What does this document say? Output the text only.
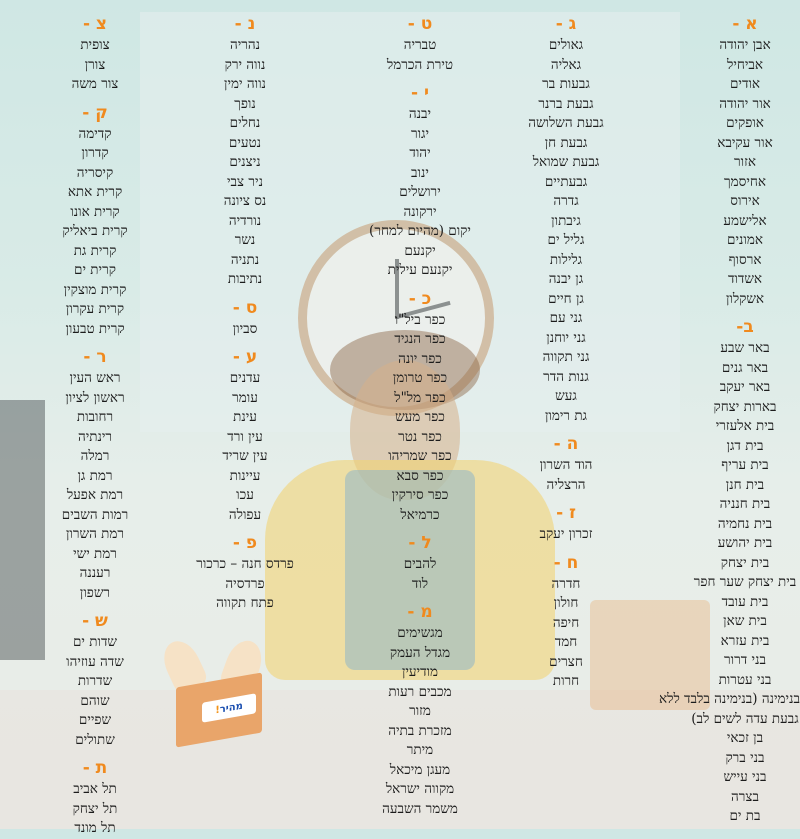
א -
אבן יהודה
אביחיל
אודים
אור יהודה
אופקים
אור עקיבא
אזור
אחיסמך
אירוס
אלישמע
אמונים
ארסוף
אשדוד
אשקלון
ב-
באר שבע
באר גנים
באר יעקב
בארות יצחק
בית אלעזרי
בית דגן
בית עריף
בית חנן
בית חנניה
בית נחמיה
בית יהושע
בית יצחק
בית יצחק שער חפר
בית עובד
בית שאן
בית עזרא
בני דרור
בני עטרות
בנימינה (בנימינה בלבד ללא
גבעת עדה לשים לב)
בן זכאי
בני ברק
בני עייש
בצרה
בת ים
ג -
גאולים
גאליה
גבעות בר
גבעת ברנר
גבעת השלושה
גבעת חן
גבעת שמואל
גבעתיים
גדרה
גיבתון
גליל ים
גלילות
גן יבנה
גן חיים
גני עם
גני יוחנן
גני תקווה
גנות הדר
געש
גת רימון
ה -
הוד השרון
הרצליה
ז -
זכרון יעקב
ח -
חדרה
חולון
חיפה
חמד
חצרים
חרות
ט -
טבריה
טירת הכרמל
י -
יבנה
יגור
יהוד
ינוב
ירושלים
ירקונה
יקום (מהיום למחר)
יקנעם
יקנעם עילית
כ -
כפר ביל"ו
כפר הנגיד
כפר יונה
כפר טרומן
כפר מל"ל
כפר מעש
כפר נטר
כפר שמריהו
כפר סבא
כפר סירקין
כרמיאל
ל -
להבים
לוד
מ -
מגשימים
מגדל העמק
מודיעין
מכבים רעות
מזור
מזכרת בתיה
מיתר
מעגן מיכאל
מקווה ישראל
משמר השבעה
נ -
נהריה
נווה ירק
נווה ימין
נופך
נחלים
נטעים
ניצנים
ניר צבי
נס ציונה
נורדיה
נשר
נתניה
נתיבות
ס -
סביון
ע -
עדנים
עומר
עינת
עין ורד
עין שריד
עיינות
עכו
עפולה
פ -
פרדס חנה – כרכור
פרדסיה
פתח תקווה
צ -
צופית
צורן
צור משה
ק -
קדימה
קדרון
קיסריה
קרית אתא
קרית אונו
קרית ביאליק
קרית גת
קרית ים
קרית מוצקין
קרית עקרון
קרית טבעון
ר -
ראש העין
ראשון לציון
רחובות
רינתיה
רמלה
רמת גן
רמת אפעל
רמות השבים
רמת השרון
רמת ישי
רעננה
רשפון
ש -
שדות ים
שדה עוזיהו
שדרות
שוהם
שפיים
שתולים
ת -
תל אביב
תל יצחק
תל מונד
מהיר
!
